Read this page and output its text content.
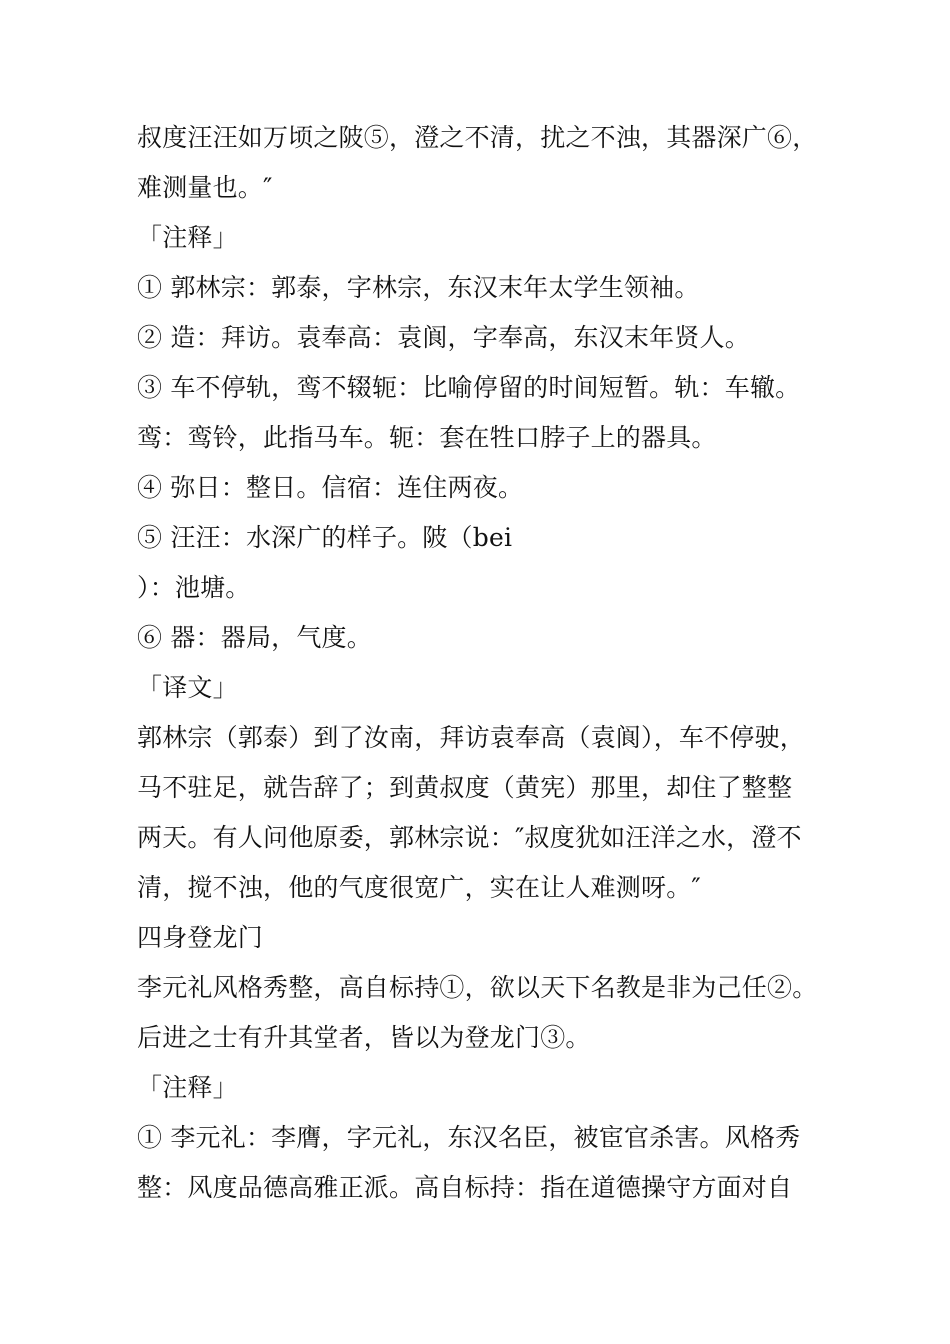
叔度汪汪如万顷之陂⑤，澄之不清，扰之不浊，其器深广⑥，
难测量也。″
「注释」
① 郭林宗：郭泰，字林宗，东汉末年太学生领袖。
② 造：拜访。袁奉高：袁阆，字奉高，东汉末年贤人。
③ 车不停轨，鸾不辍轭：比喻停留的时间短暂。轨：车辙。
鸾：鸾铃，此指马车。轭：套在牲口脖子上的器具。
④ 弥日：整日。信宿：连住两夜。
⑤ 汪汪：水深广的样子。陂（bei
）：池塘。
⑥ 器：器局，气度。
「译文」
郭林宗（郭泰）到了汝南，拜访袁奉高（袁阆），车不停驶，
马不驻足，就告辞了；到黄叔度（黄宪）那里，却住了整整
两天。有人问他原委，郭林宗说：″叔度犹如汪洋之水，澄不
清，搅不浊，他的气度很宽广，实在让人难测呀。″
四身登龙门
李元礼风格秀整，高自标持①，欲以天下名教是非为己任②。
后进之士有升其堂者，皆以为登龙门③。
「注释」
① 李元礼：李膺，字元礼，东汉名臣，被宦官杀害。风格秀
整：风度品德高雅正派。高自标持：指在道德操守方面对自
